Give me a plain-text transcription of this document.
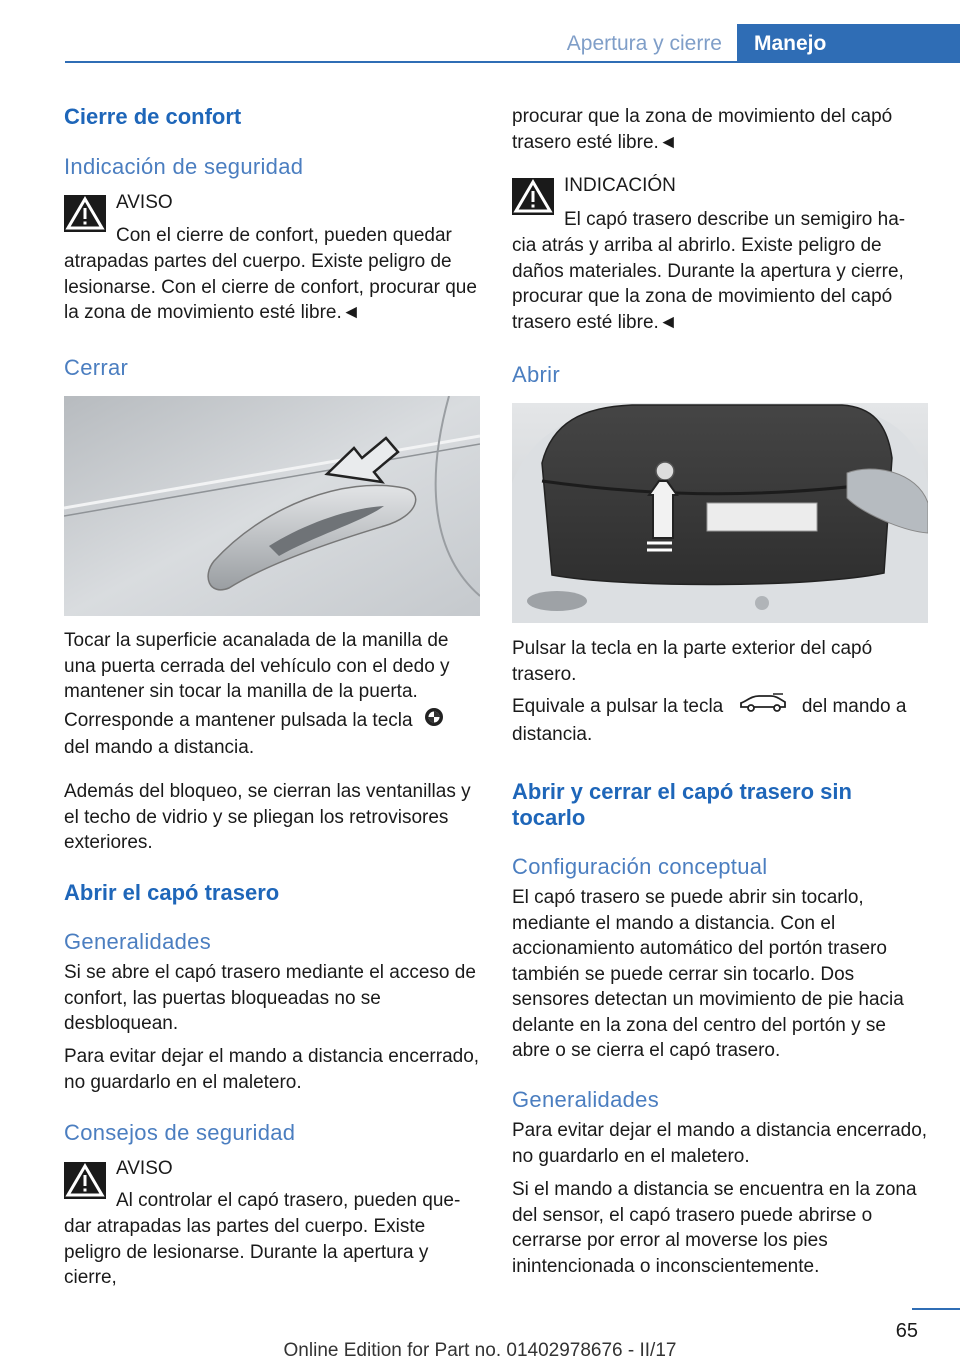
Apertura y cierre	Manejo
Cierre de confort
Indicación de seguridad
AVISO
Con el cierre de confort, pueden quedar
atrapadas partes del cuerpo. Existe peligro de lesionarse. Con el cierre de confort, procurar que la zona de movimiento esté libre.◄
Cerrar

Tocar la superficie acanalada de la manilla de una puerta cerrada del vehículo con el dedo y mantener sin tocar la manilla de la puerta.

Corresponde a mantener pulsada la tecla
del mando a distancia.

Además del bloqueo, se cierran las ventanillas y el techo de vidrio y se pliegan los retrovisores exteriores.

Abrir el capó trasero
Generalidades

Si se abre el capó trasero mediante el acceso de confort, las puertas bloqueadas no se desbloquean.

Para evitar dejar el mando a distancia encerrado, no guardarlo en el maletero.

Consejos de seguridad
AVISO
Al controlar el capó trasero, pueden que-
dar atrapadas las partes del cuerpo. Existe peligro de lesionarse. Durante la apertura y cierre,

procurar que la zona de movimiento del capó trasero esté libre.◄

INDICACIÓN
El capó trasero describe un semigiro ha-
cia atrás y arriba al abrirlo. Existe peligro de daños materiales. Durante la apertura y cierre, procurar que la zona de movimiento del capó trasero esté libre.◄
Abrir

Pulsar la tecla en la parte exterior del capó trasero.

Equivale a pulsar la tecla	del mando a distancia.
Abrir y cerrar el capó trasero sin tocarlo
Configuración conceptual

El capó trasero se puede abrir sin tocarlo, mediante el mando a distancia. Con el accionamiento automático del portón trasero también se puede cerrar sin tocarlo. Dos sensores detectan un movimiento de pie hacia delante en la zona del centro del portón y se abre o se cierra el capó trasero.

Generalidades

Para evitar dejar el mando a distancia encerrado, no guardarlo en el maletero.

Si el mando a distancia se encuentra en la zona del sensor, el capó trasero puede abrirse o cerrarse por error al moverse los pies inintencionada o inconscientemente.

65
Online Edition for Part no. 01402978676 - II/17
